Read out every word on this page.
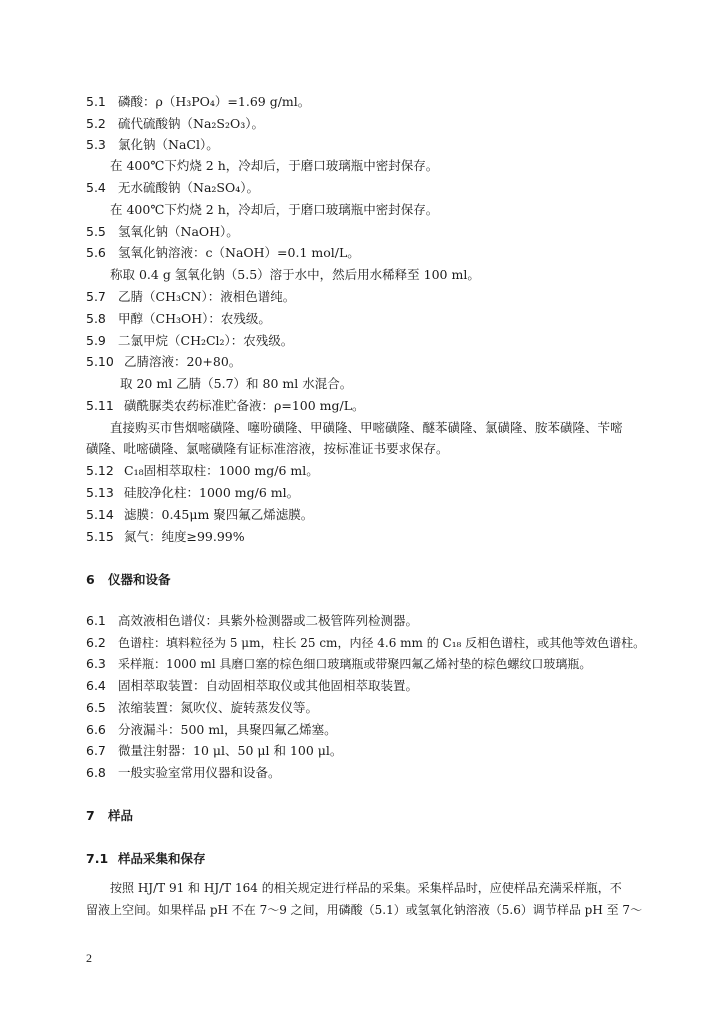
5.1 磷酸：ρ（H₃PO₄）=1.69 g/ml。
5.2 硫代硫酸钠（Na₂S₂O₃）。
5.3 氯化钠（NaCl）。
在 400℃下灼烧 2 h，冷却后，于磨口玻璃瓶中密封保存。
5.4 无水硫酸钠（Na₂SO₄）。
在 400℃下灼烧 2 h，冷却后，于磨口玻璃瓶中密封保存。
5.5 氢氧化钠（NaOH）。
5.6 氢氧化钠溶液：c（NaOH）=0.1 mol/L。
称取 0.4 g 氢氧化钠（5.5）溶于水中，然后用水稀释至 100 ml。
5.7 乙腈（CH₃CN）：液相色谱纯。
5.8 甲醇（CH₃OH）：农残级。
5.9 二氯甲烷（CH₂Cl₂）：农残级。
5.10 乙腈溶液：20+80。
取 20 ml 乙腈（5.7）和 80 ml 水混合。
5.11 磺酰脲类农药标准贮备液：ρ=100 mg/L。
直接购买市售烟嘧磺隆、噻吩磺隆、甲磺隆、甲嘧磺隆、醚苯磺隆、氯磺隆、胺苯磺隆、苄嘧
磺隆、吡嘧磺隆、氯嘧磺隆有证标准溶液，按标准证书要求保存。
5.12 C₁₈固相萃取柱：1000 mg/6 ml。
5.13 硅胶净化柱：1000 mg/6 ml。
5.14 滤膜：0.45μm 聚四氟乙烯滤膜。
5.15 氮气：纯度≥99.99%
6 仪器和设备
6.1 高效液相色谱仪：具紫外检测器或二极管阵列检测器。
6.2 色谱柱：填料粒径为 5 μm，柱长 25 cm，内径 4.6 mm 的 C₁₈ 反相色谱柱，或其他等效色谱柱。
6.3 采样瓶：1000 ml 具磨口塞的棕色细口玻璃瓶或带聚四氟乙烯衬垫的棕色螺纹口玻璃瓶。
6.4 固相萃取装置：自动固相萃取仪或其他固相萃取装置。
6.5 浓缩装置：氮吹仪、旋转蒸发仪等。
6.6 分液漏斗：500 ml，具聚四氟乙烯塞。
6.7 微量注射器：10 μl、50 μl 和 100 μl。
6.8 一般实验室常用仪器和设备。
7 样品
7.1 样品采集和保存
按照 HJ/T 91 和 HJ/T 164 的相关规定进行样品的采集。采集样品时，应使样品充满采样瓶，不
留液上空间。如果样品 pH 不在 7～9 之间，用磷酸（5.1）或氢氧化钠溶液（5.6）调节样品 pH 至 7～
2
